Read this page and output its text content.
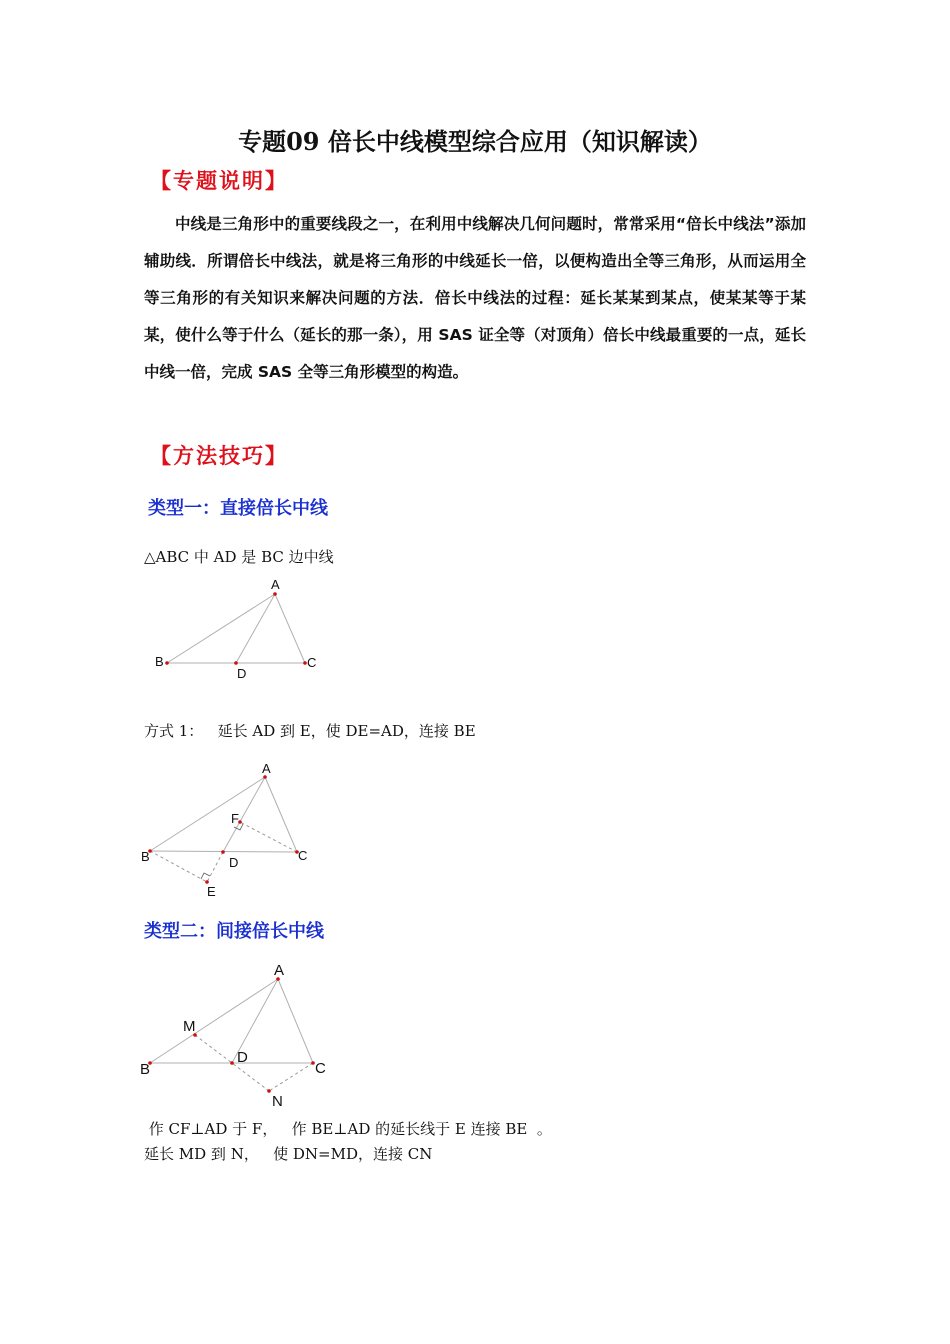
专题09 倍长中线模型综合应用（知识解读）
【专题说明】

中线是三角形中的重要线段之一，在利用中线解决几何问题时，常常采用“倍长中线法”添加辅助线．所谓倍长中线法，就是将三角形的中线延长一倍，以便构造出全等三角形，从而运用全等三角形的有关知识来解决问题的方法．倍长中线法的过程：延长某某到某点，使某某等于某某，使什么等于什么（延长的那一条），用 SAS 证全等（对顶角）倍长中线最重要的一点，延长中线一倍，完成 SAS 全等三角形模型的构造。

【方法技巧】
类型一：直接倍长中线
△ABC 中 AD 是 BC 边中线
A
B	C
D
A
B	C
D
E
F
A
B	C
D
M
N
方式 1：   延长 AD 到 E，使 DE=AD，连接 BE
类型二：间接倍长中线
作 CF⊥AD 于 F，   作 BE⊥AD 的延长线于 E 连接 BE  。
延长 MD 到 N，   使 DN=MD，连接 CN
